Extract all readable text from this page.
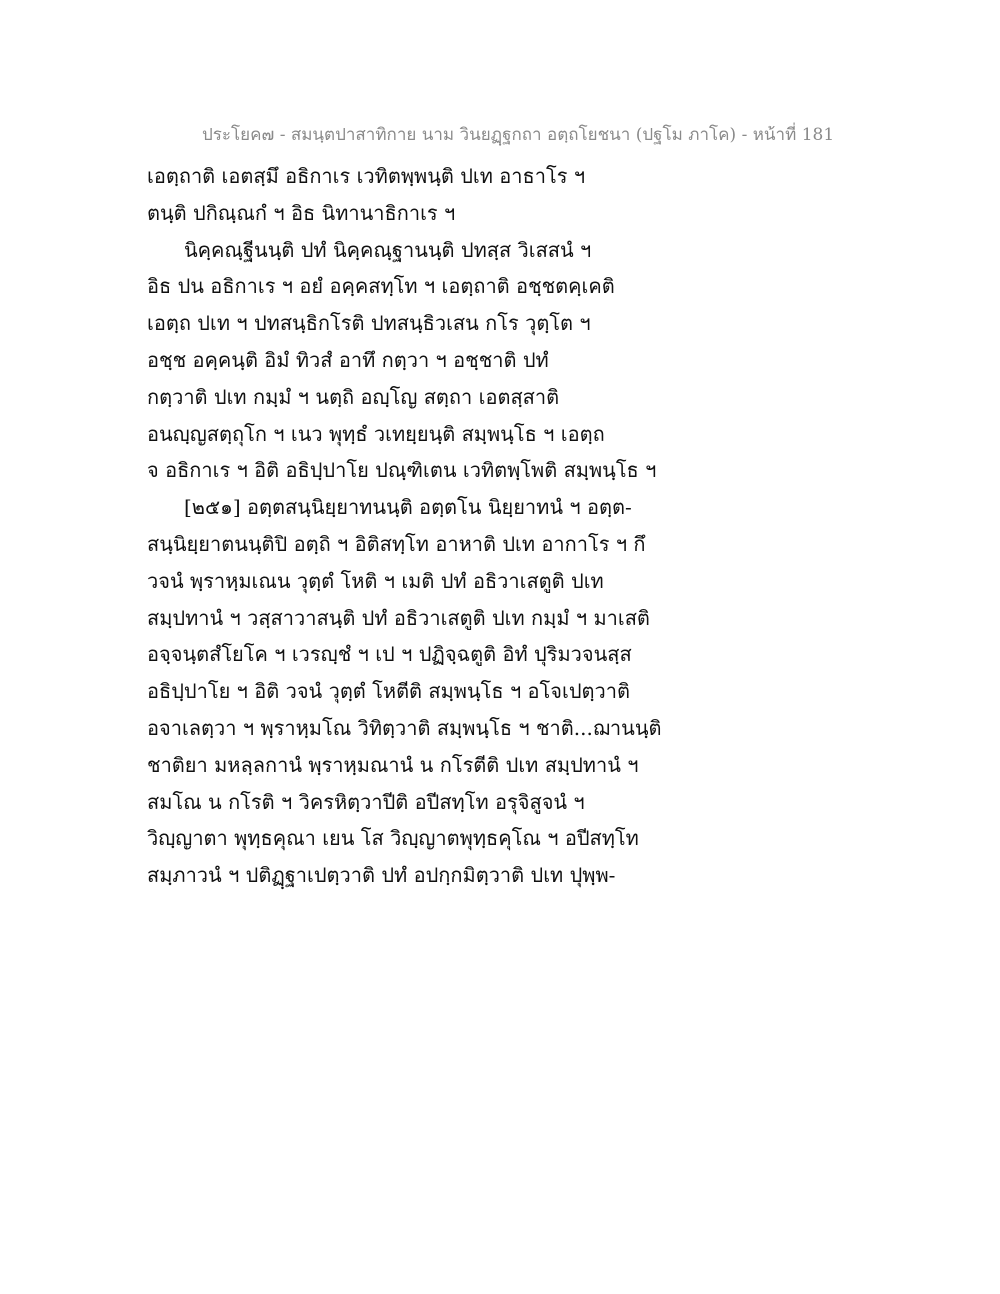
ประโยค๗ - สมนฺตปาสาทิกาย นาม วินยฏฺฐกถา อตฺถโยชนา (ปฐโม ภาโค) - หน้าที่ 181
เอตฺถาติ เอตสฺมึ อธิกาเร เวทิตพฺพนฺติ ปเท อาธาโร ฯ
ตนฺติ ปกิณฺณกํ ฯ อิธ นิทานาธิกาเร ฯ
นิคฺคณฺฐีนนฺติ ปทํ นิคฺคณฺฐานนฺติ ปทสฺส วิเสสนํ ฯ
อิธ ปน อธิกาเร ฯ อยํ อคฺคสทฺโท ฯ เอตฺถาติ อชฺชตคฺเคติ
เอตฺถ ปเท ฯ ปทสนฺธิกโรติ ปทสนฺธิวเสน กโร วุตฺโต ฯ
อชฺช อคฺคนฺติ อิมํ ทิวสํ อาทึ กตฺวา ฯ อชฺชาติ ปทํ
กตฺวาติ ปเท กมฺมํ ฯ นตฺถิ อญฺโญ สตฺถา เอตสฺสาติ
อนญฺญสตฺถุโก ฯ เนว พุทฺธํ วเทยฺยนฺติ สมฺพนฺโธ ฯ เอตฺถ
จ อธิกาเร ฯ อิติ อธิปฺปาโย ปณฺฑิเตน เวทิตพฺโพติ สมฺพนฺโธ ฯ
[๒๕๑] อตฺตสนฺนิยฺยาทนนฺติ อตฺตโน นิยฺยาทนํ ฯ อตฺต-
สนฺนิยฺยาตนนฺติปิ อตฺถิ ฯ อิติสทฺโท อาหาติ ปเท อากาโร ฯ กึ
วจนํ พฺราหฺมเณน วุตฺตํ โหติ ฯ เมติ ปทํ อธิวาเสตูติ ปเท
สมฺปทานํ ฯ วสฺสาวาสนฺติ ปทํ อธิวาเสตูติ ปเท กมฺมํ ฯ มาเสติ
อจฺจนฺตสํโยโค ฯ เวรญฺชํ ฯ เป ฯ ปฏิจฺฉตูติ อิทํ ปุริมวจนสฺส
อธิปฺปาโย ฯ อิติ วจนํ วุตฺตํ โหตีติ สมฺพนฺโธ ฯ อโจเปตฺวาติ
อจาเลตฺวา ฯ พฺราหฺมโณ วิทิตฺวาติ สมฺพนฺโธ ฯ ชาติ...ฌานนฺติ
ชาติยา มหลฺลกานํ พฺราหฺมณานํ น กโรตีติ ปเท สมฺปทานํ ฯ
สมโณ น กโรติ ฯ วิครหิตฺวาปีติ อปีสทฺโท อรุจิสูจนํ ฯ
วิญฺญาตา พุทฺธคุณา เยน โส วิญฺญาตพุทฺธคุโณ ฯ อปีสทฺโท
สมฺภาวนํ ฯ ปติฏฺฐาเปตฺวาติ ปทํ อปกฺกมิตฺวาติ ปเท ปุพฺพ-
